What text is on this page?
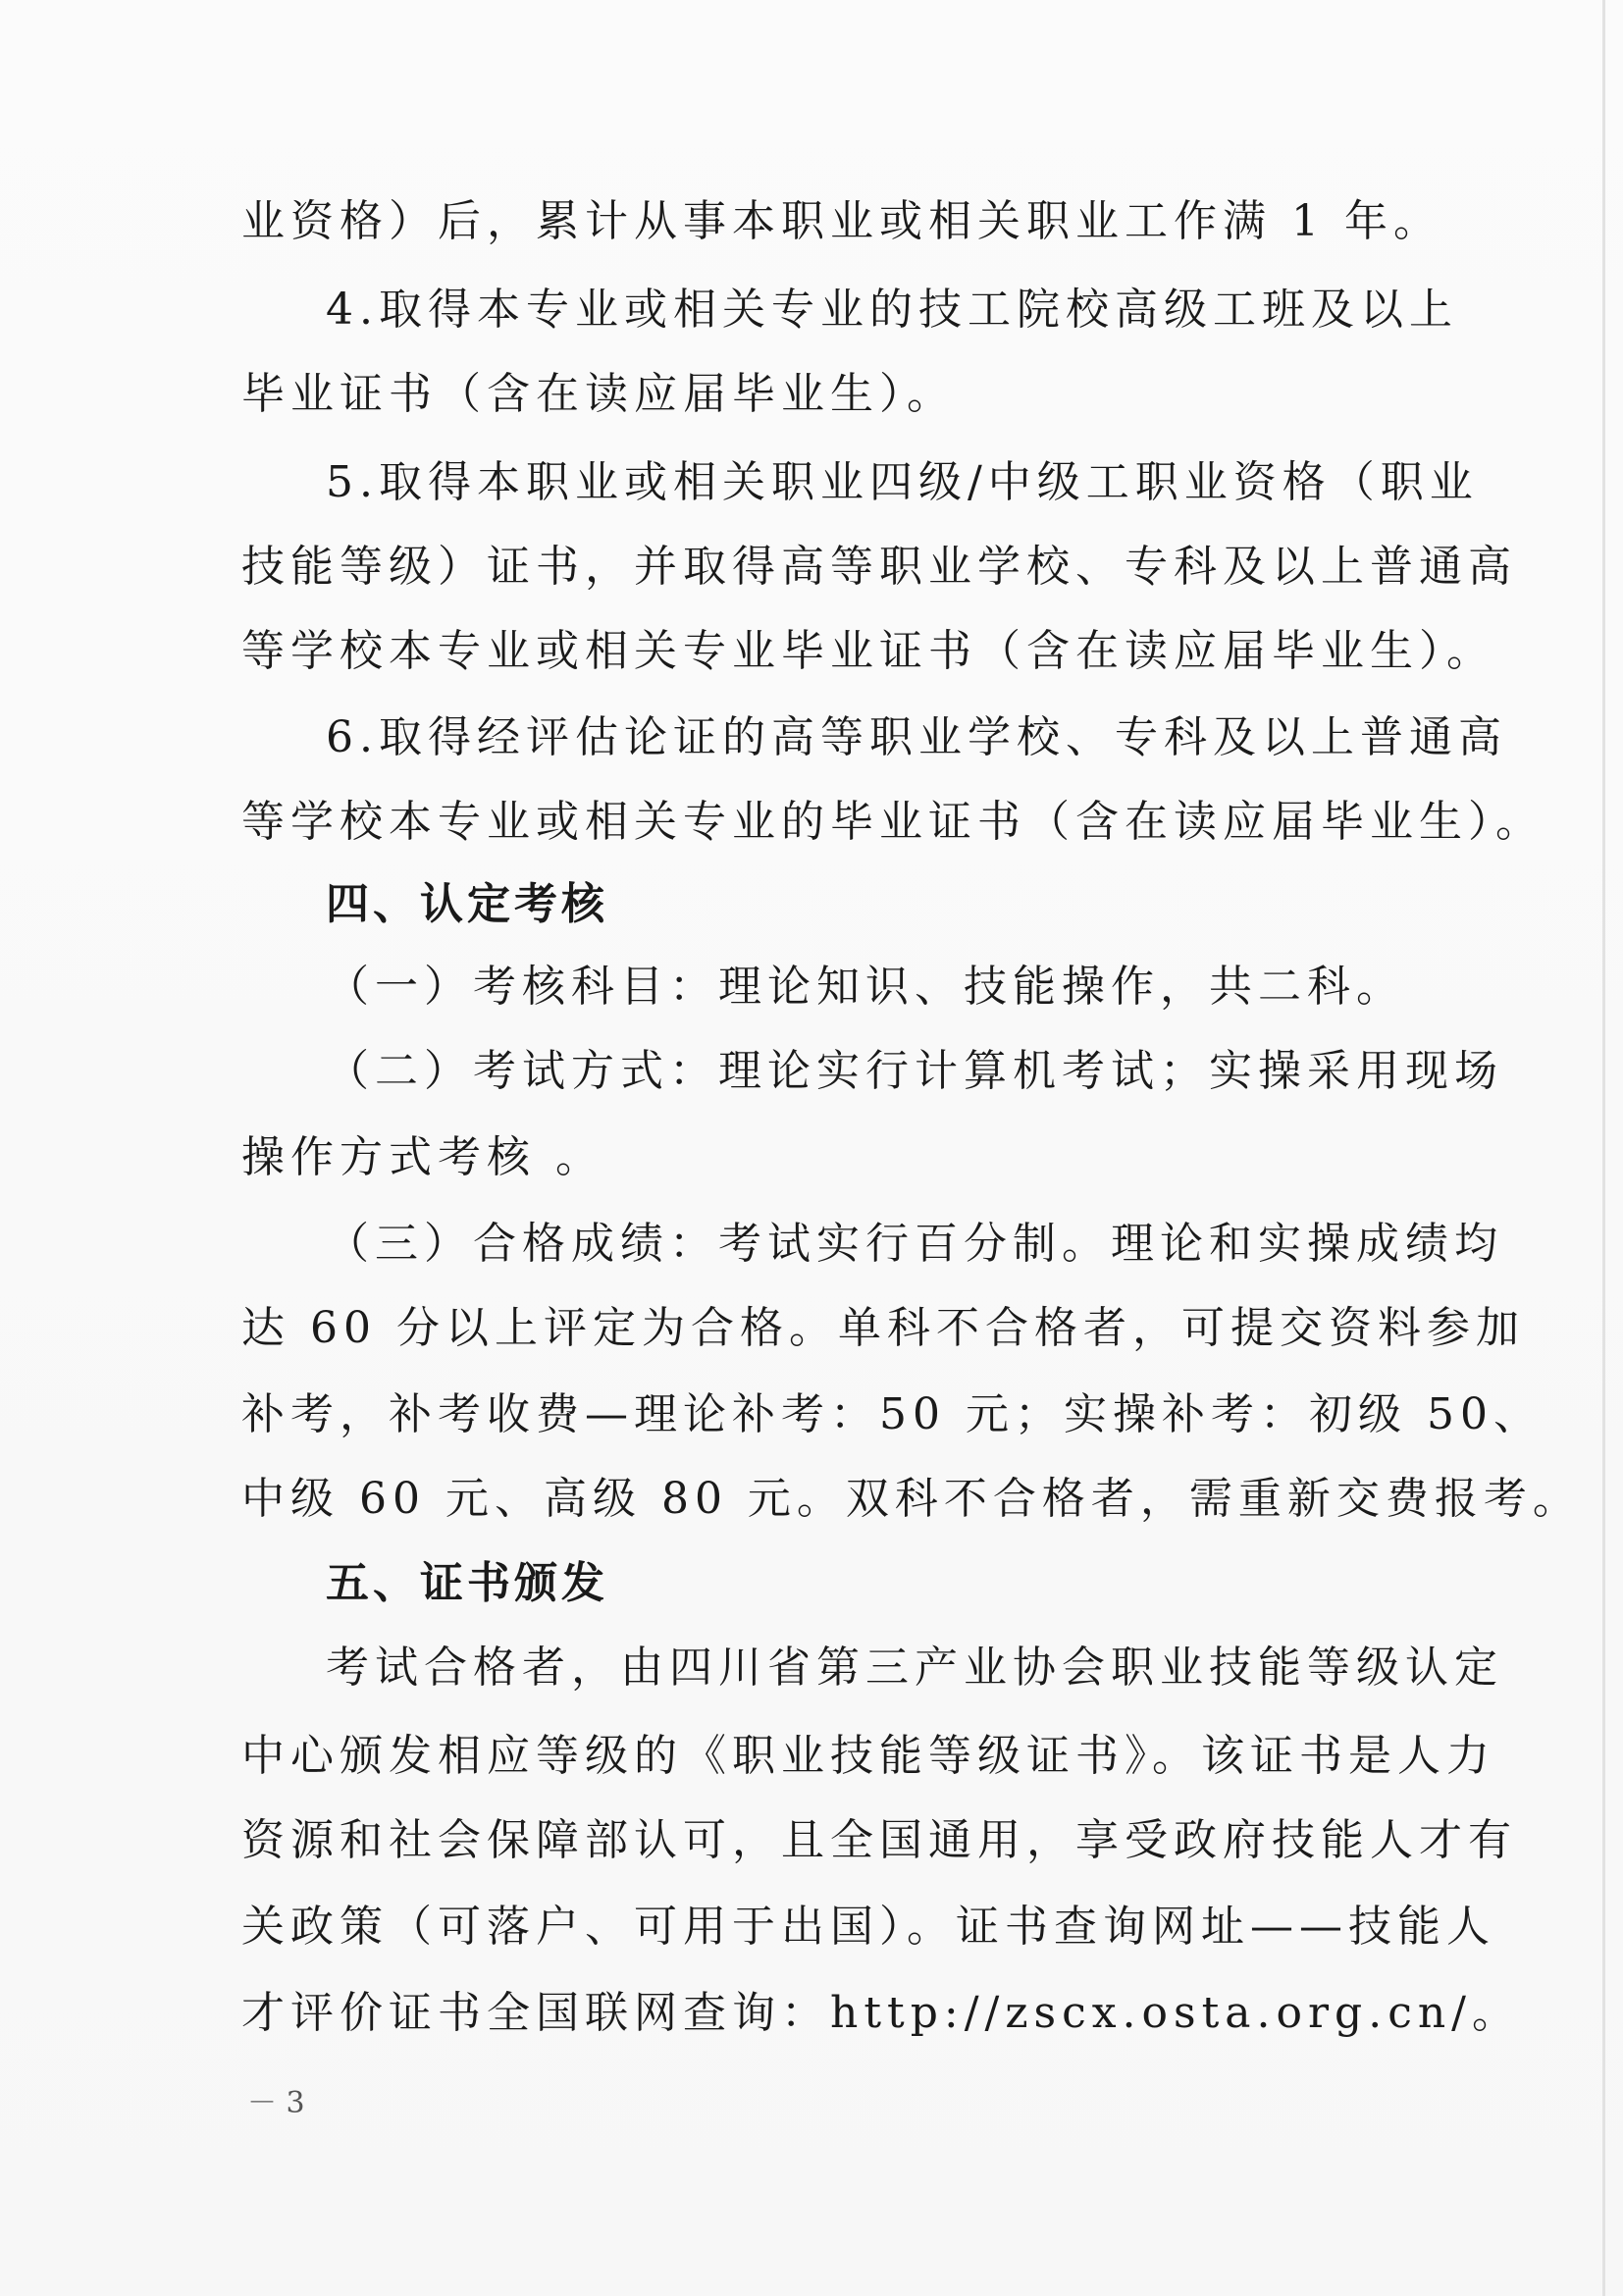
业资格）后，累计从事本职业或相关职业工作满 1 年。
4.取得本专业或相关专业的技工院校高级工班及以上
毕业证书（含在读应届毕业生）。
5.取得本职业或相关职业四级/中级工职业资格（职业
技能等级）证书，并取得高等职业学校、专科及以上普通高
等学校本专业或相关专业毕业证书（含在读应届毕业生）。
6.取得经评估论证的高等职业学校、专科及以上普通高
等学校本专业或相关专业的毕业证书（含在读应届毕业生）。
四、认定考核
（一）考核科目：理论知识、技能操作，共二科。
（二）考试方式：理论实行计算机考试；实操采用现场
操作方式考核 。
（三）合格成绩：考试实行百分制。理论和实操成绩均
达 60 分以上评定为合格。单科不合格者，可提交资料参加
补考，补考收费—理论补考：50 元；实操补考：初级 50、
中级 60 元、高级 80 元。双科不合格者，需重新交费报考。
五、证书颁发
考试合格者，由四川省第三产业协会职业技能等级认定
中心颁发相应等级的《职业技能等级证书》。该证书是人力
资源和社会保障部认可，且全国通用，享受政府技能人才有
关政策（可落户、可用于出国）。证书查询网址——技能人
才评价证书全国联网查询：http://zscx.osta.org.cn/。
－ 3
